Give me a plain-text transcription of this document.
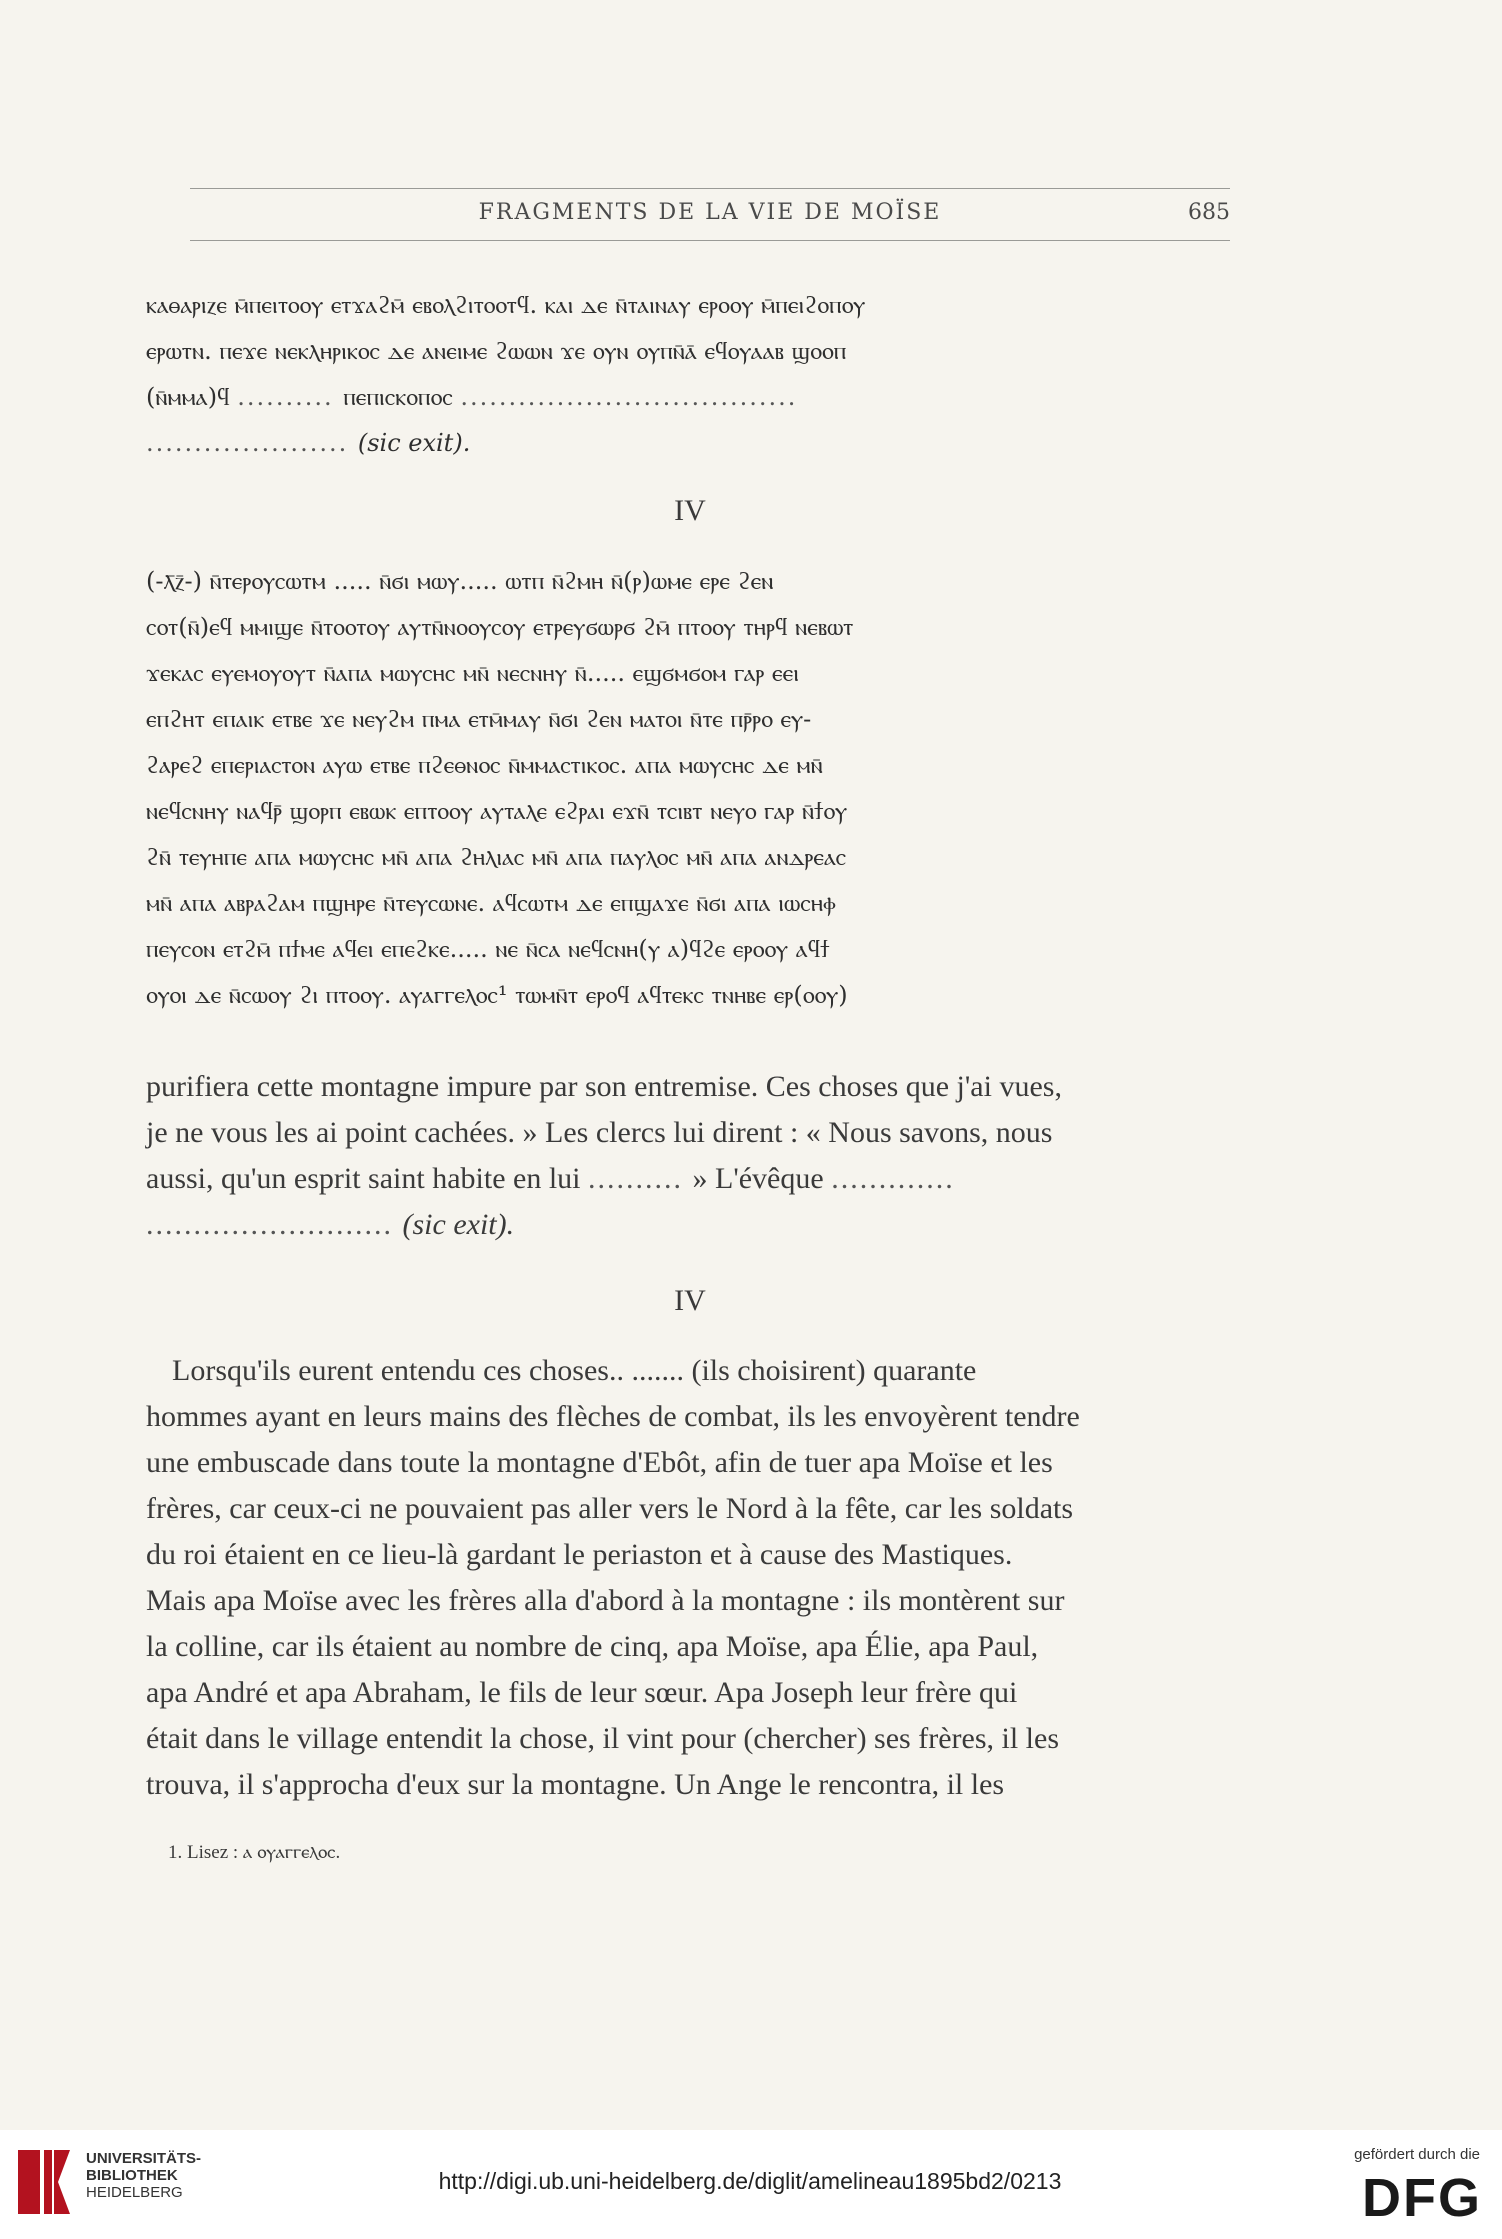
FRAGMENTS DE LA VIE DE MOÏSE	685

ⲕⲁⲑⲁⲣⲓⲍⲉ ⲙ̄ⲡⲉⲓⲧⲟⲟⲩ ⲉⲧϫⲁϩⲙ̄ ⲉⲃⲟⲗϩⲓⲧⲟⲟⲧϥ. ⲕⲁⲓ ⲇⲉ ⲛ̄ⲧⲁⲓⲛⲁⲩ ⲉⲣⲟⲟⲩ ⲙ̄ⲡⲉⲓϩⲟⲡⲟⲩ

ⲉⲣⲱⲧⲛ. ⲡⲉϫⲉ ⲛⲉⲕⲗⲏⲣⲓⲕⲟⲥ ⲇⲉ ⲁⲛⲉⲓⲙⲉ ϩⲱⲱⲛ ϫⲉ ⲟⲩⲛ ⲟⲩⲡⲛ̄ⲁ̄ ⲉϥⲟⲩⲁⲁⲃ ϣⲟⲟⲡ

(ⲛ̄ⲙⲙⲁ)ϥ .......... ⲡⲉⲡⲓⲥⲕⲟⲡⲟⲥ ...................................

..................... (sic exit).

IV

(-ⲗ̄ⲍ̄-) ⲛ̄ⲧⲉⲣⲟⲩⲥⲱⲧⲙ ..... ⲛ̄ϭⲓ ⲙⲱⲩ..... ⲱⲧⲡ ⲛ̄ϩⲙⲏ ⲛ̄(ⲣ)ⲱⲙⲉ ⲉⲣⲉ ϩⲉⲛ

ⲥⲟⲧ(ⲛ̄)ⲉϥ ⲙⲙⲓϣⲉ ⲛ̄ⲧⲟⲟⲧⲟⲩ ⲁⲩⲧⲛ̄ⲛⲟⲟⲩⲥⲟⲩ ⲉⲧⲣⲉⲩϭⲱⲣϭ ϩⲙ̄ ⲡⲧⲟⲟⲩ ⲧⲏⲣϥ ⲛⲉⲃⲱⲧ

ϫⲉⲕⲁⲥ ⲉⲩⲉⲙⲟⲩⲟⲩⲧ ⲛ̄ⲁⲡⲁ ⲙⲱⲩⲥⲏⲥ ⲙⲛ̄ ⲛⲉⲥⲛⲏⲩ ⲛ̄..... ⲉϣϭⲙϭⲟⲙ ⲅⲁⲣ ⲉⲉⲓ

ⲉⲡϩⲏⲧ ⲉⲡⲁⲓⲕ ⲉⲧⲃⲉ ϫⲉ ⲛⲉⲩϩⲙ ⲡⲙⲁ ⲉⲧⲙ̄ⲙⲁⲩ ⲛ̄ϭⲓ ϩⲉⲛ ⲙⲁⲧⲟⲓ ⲛ̄ⲧⲉ ⲡⲣ̄ⲣⲟ ⲉⲩ-

ϩⲁⲣⲉϩ ⲉⲡⲉⲣⲓⲁⲥⲧⲟⲛ ⲁⲩⲱ ⲉⲧⲃⲉ ⲡϩⲉⲑⲛⲟⲥ ⲛ̄ⲙⲙⲁⲥⲧⲓⲕⲟⲥ. ⲁⲡⲁ ⲙⲱⲩⲥⲏⲥ ⲇⲉ ⲙⲛ̄

ⲛⲉϥⲥⲛⲏⲩ ⲛⲁϥⲣ̄ ϣⲟⲣⲡ ⲉⲃⲱⲕ ⲉⲡⲧⲟⲟⲩ ⲁⲩⲧⲁⲗⲉ ⲉϩⲣⲁⲓ ⲉϫⲛ̄ ⲧⲥⲓⲃⲧ ⲛⲉⲩⲟ ⲅⲁⲣ ⲛ̄ϯⲟⲩ

ϩⲛ̄ ⲧⲉⲩⲏⲡⲉ ⲁⲡⲁ ⲙⲱⲩⲥⲏⲥ ⲙⲛ̄ ⲁⲡⲁ ϩⲏⲗⲓⲁⲥ ⲙⲛ̄ ⲁⲡⲁ ⲡⲁⲩⲗⲟⲥ ⲙⲛ̄ ⲁⲡⲁ ⲁⲛⲇⲣⲉⲁⲥ

ⲙⲛ̄ ⲁⲡⲁ ⲁⲃⲣⲁϩⲁⲙ ⲡϣⲏⲣⲉ ⲛ̄ⲧⲉⲩⲥⲱⲛⲉ. ⲁϥⲥⲱⲧⲙ ⲇⲉ ⲉⲡϣⲁϫⲉ ⲛ̄ϭⲓ ⲁⲡⲁ ⲓⲱⲥⲏⲫ

ⲡⲉⲩⲥⲟⲛ ⲉⲧϩⲙ̄ ⲡϯⲙⲉ ⲁϥⲉⲓ ⲉⲡⲉϩⲕⲉ..... ⲛⲉ ⲛ̄ⲥⲁ ⲛⲉϥⲥⲛⲏ(ⲩ ⲁ)ϥϩⲉ ⲉⲣⲟⲟⲩ ⲁϥϯ

ⲟⲩⲟⲓ ⲇⲉ ⲛ̄ⲥⲱⲟⲩ ϩⲓ ⲡⲧⲟⲟⲩ. ⲁⲩⲁⲅⲅⲉⲗⲟⲥ¹ ⲧⲱⲙⲛ̄ⲧ ⲉⲣⲟϥ ⲁϥⲧⲉⲕⲥ ⲧⲛⲏⲃⲉ ⲉⲣ(ⲟⲟⲩ)

purifiera cette montagne impure par son entremise. Ces choses que j'ai vues,

je ne vous les ai point cachées. » Les clercs lui dirent : « Nous savons, nous

aussi, qu'un esprit saint habite en lui .......... » L'évêque .............

.......................... (sic exit).

IV

Lorsqu'ils eurent entendu ces choses.. ....... (ils choisirent) quarante

hommes ayant en leurs mains des flèches de combat, ils les envoyèrent tendre

une embuscade dans toute la montagne d'Ebôt, afin de tuer apa Moïse et les

frères, car ceux-ci ne pouvaient pas aller vers le Nord à la fête, car les soldats

du roi étaient en ce lieu-là gardant le periaston et à cause des Mastiques.

Mais apa Moïse avec les frères alla d'abord à la montagne : ils montèrent sur

la colline, car ils étaient au nombre de cinq, apa Moïse, apa Élie, apa Paul,

apa André et apa Abraham, le fils de leur sœur. Apa Joseph leur frère qui

était dans le village entendit la chose, il vint pour (chercher) ses frères, il les

trouva, il s'approcha d'eux sur la montagne. Un Ange le rencontra, il les

1. Lisez : ⲁ ⲟⲩⲁⲅⲅⲉⲗⲟⲥ.
UNIVERSITÄTS-
BIBLIOTHEK
HEIDELBERG	http://digi.ub.uni-heidelberg.de/diglit/amelineau1895bd2/0213
gefördert durch die
DFG
